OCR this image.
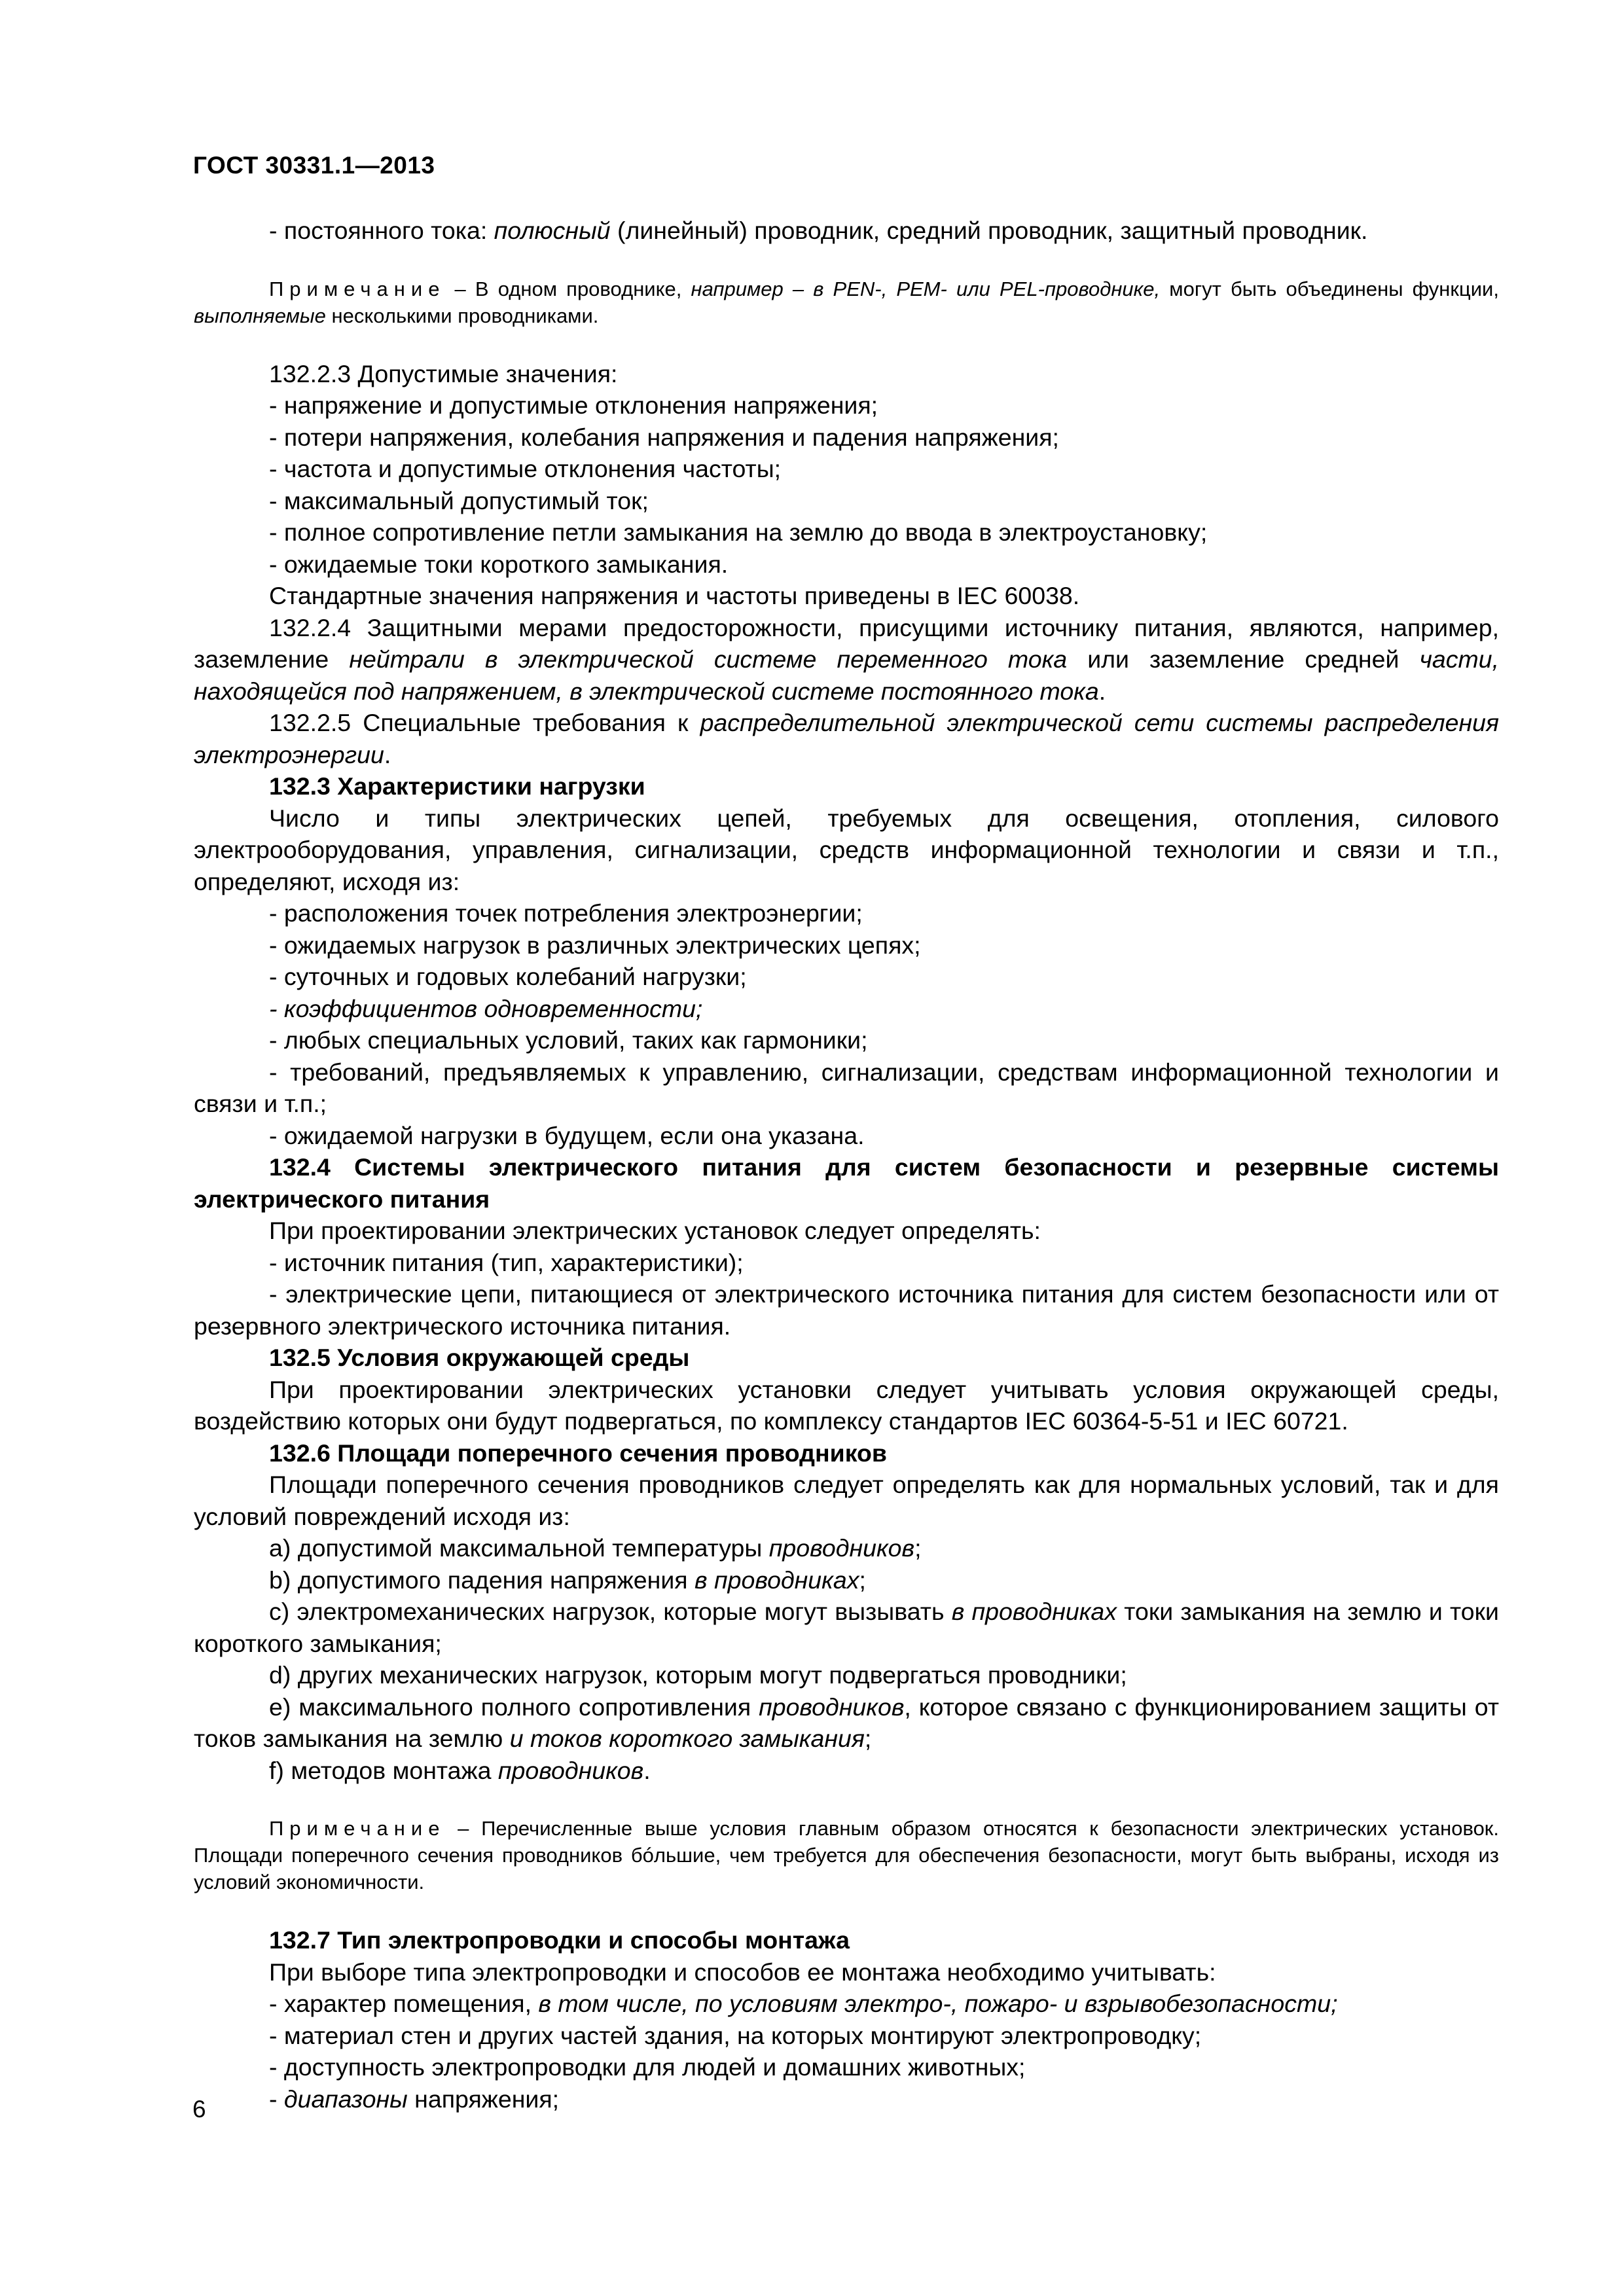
ГОСТ 30331.1—2013

- постоянного тока: полюсный (линейный) проводник, средний проводник, защитный проводник.

Примечание – В одном проводнике, например – в PEN-, PEM- или PEL-проводнике, могут быть объединены функции, выполняемые несколькими проводниками.

132.2.3 Допустимые значения:

- напряжение и допустимые отклонения напряжения;

- потери напряжения, колебания напряжения и падения напряжения;

- частота и допустимые отклонения частоты;

- максимальный допустимый ток;

- полное сопротивление петли замыкания на землю до ввода в электроустановку;

- ожидаемые токи короткого замыкания.

Стандартные значения напряжения и частоты приведены в IEC 60038.

132.2.4 Защитными мерами предосторожности, присущими источнику питания, являются, например, заземление нейтрали в электрической системе переменного тока или заземление средней части, находящейся под напряжением, в электрической системе постоянного тока.

132.2.5 Специальные требования к распределительной электрической сети системы распределения электроэнергии.

132.3 Характеристики нагрузки

Число и типы электрических цепей, требуемых для освещения, отопления, силового электрооборудования, управления, сигнализации, средств информационной технологии и связи и т.п., определяют, исходя из:

- расположения точек потребления электроэнергии;

- ожидаемых нагрузок в различных электрических цепях;

- суточных и годовых колебаний нагрузки;

- коэффициентов одновременности;

- любых специальных условий, таких как гармоники;

- требований, предъявляемых к управлению, сигнализации, средствам информационной технологии и связи и т.п.;

- ожидаемой нагрузки в будущем, если она указана.

132.4 Системы электрического питания для систем безопасности и резервные системы электрического питания

При проектировании электрических установок следует определять:

- источник питания (тип, характеристики);

- электрические цепи, питающиеся от электрического источника питания для систем безопасности или от резервного электрического источника питания.

132.5 Условия окружающей среды

При проектировании электрических установки следует учитывать условия окружающей среды, воздействию которых они будут подвергаться, по комплексу стандартов IEC 60364-5-51 и IEC 60721.

132.6 Площади поперечного сечения проводников

Площади поперечного сечения проводников следует определять как для нормальных условий, так и для условий повреждений исходя из:

a) допустимой максимальной температуры проводников;

b) допустимого падения напряжения в проводниках;

c) электромеханических нагрузок, которые могут вызывать в проводниках токи замыкания на землю и токи короткого замыкания;

d) других механических нагрузок, которым могут подвергаться проводники;

e) максимального полного сопротивления проводников, которое связано с функционированием защиты от токов замыкания на землю и токов короткого замыкания;

f) методов монтажа проводников.

Примечание – Перечисленные выше условия главным образом относятся к безопасности электрических установок. Площади поперечного сечения проводников бóльшие, чем требуется для обеспечения безопасности, могут быть выбраны, исходя из условий экономичности.

132.7 Тип электропроводки и способы монтажа

При выборе типа электропроводки и способов ее монтажа необходимо учитывать:

- характер помещения, в том числе, по условиям электро-, пожаро- и взрывобезопасности;

- материал стен и других частей здания, на которых монтируют электропроводку;

- доступность электропроводки для людей и домашних животных;

- диапазоны напряжения;

6
